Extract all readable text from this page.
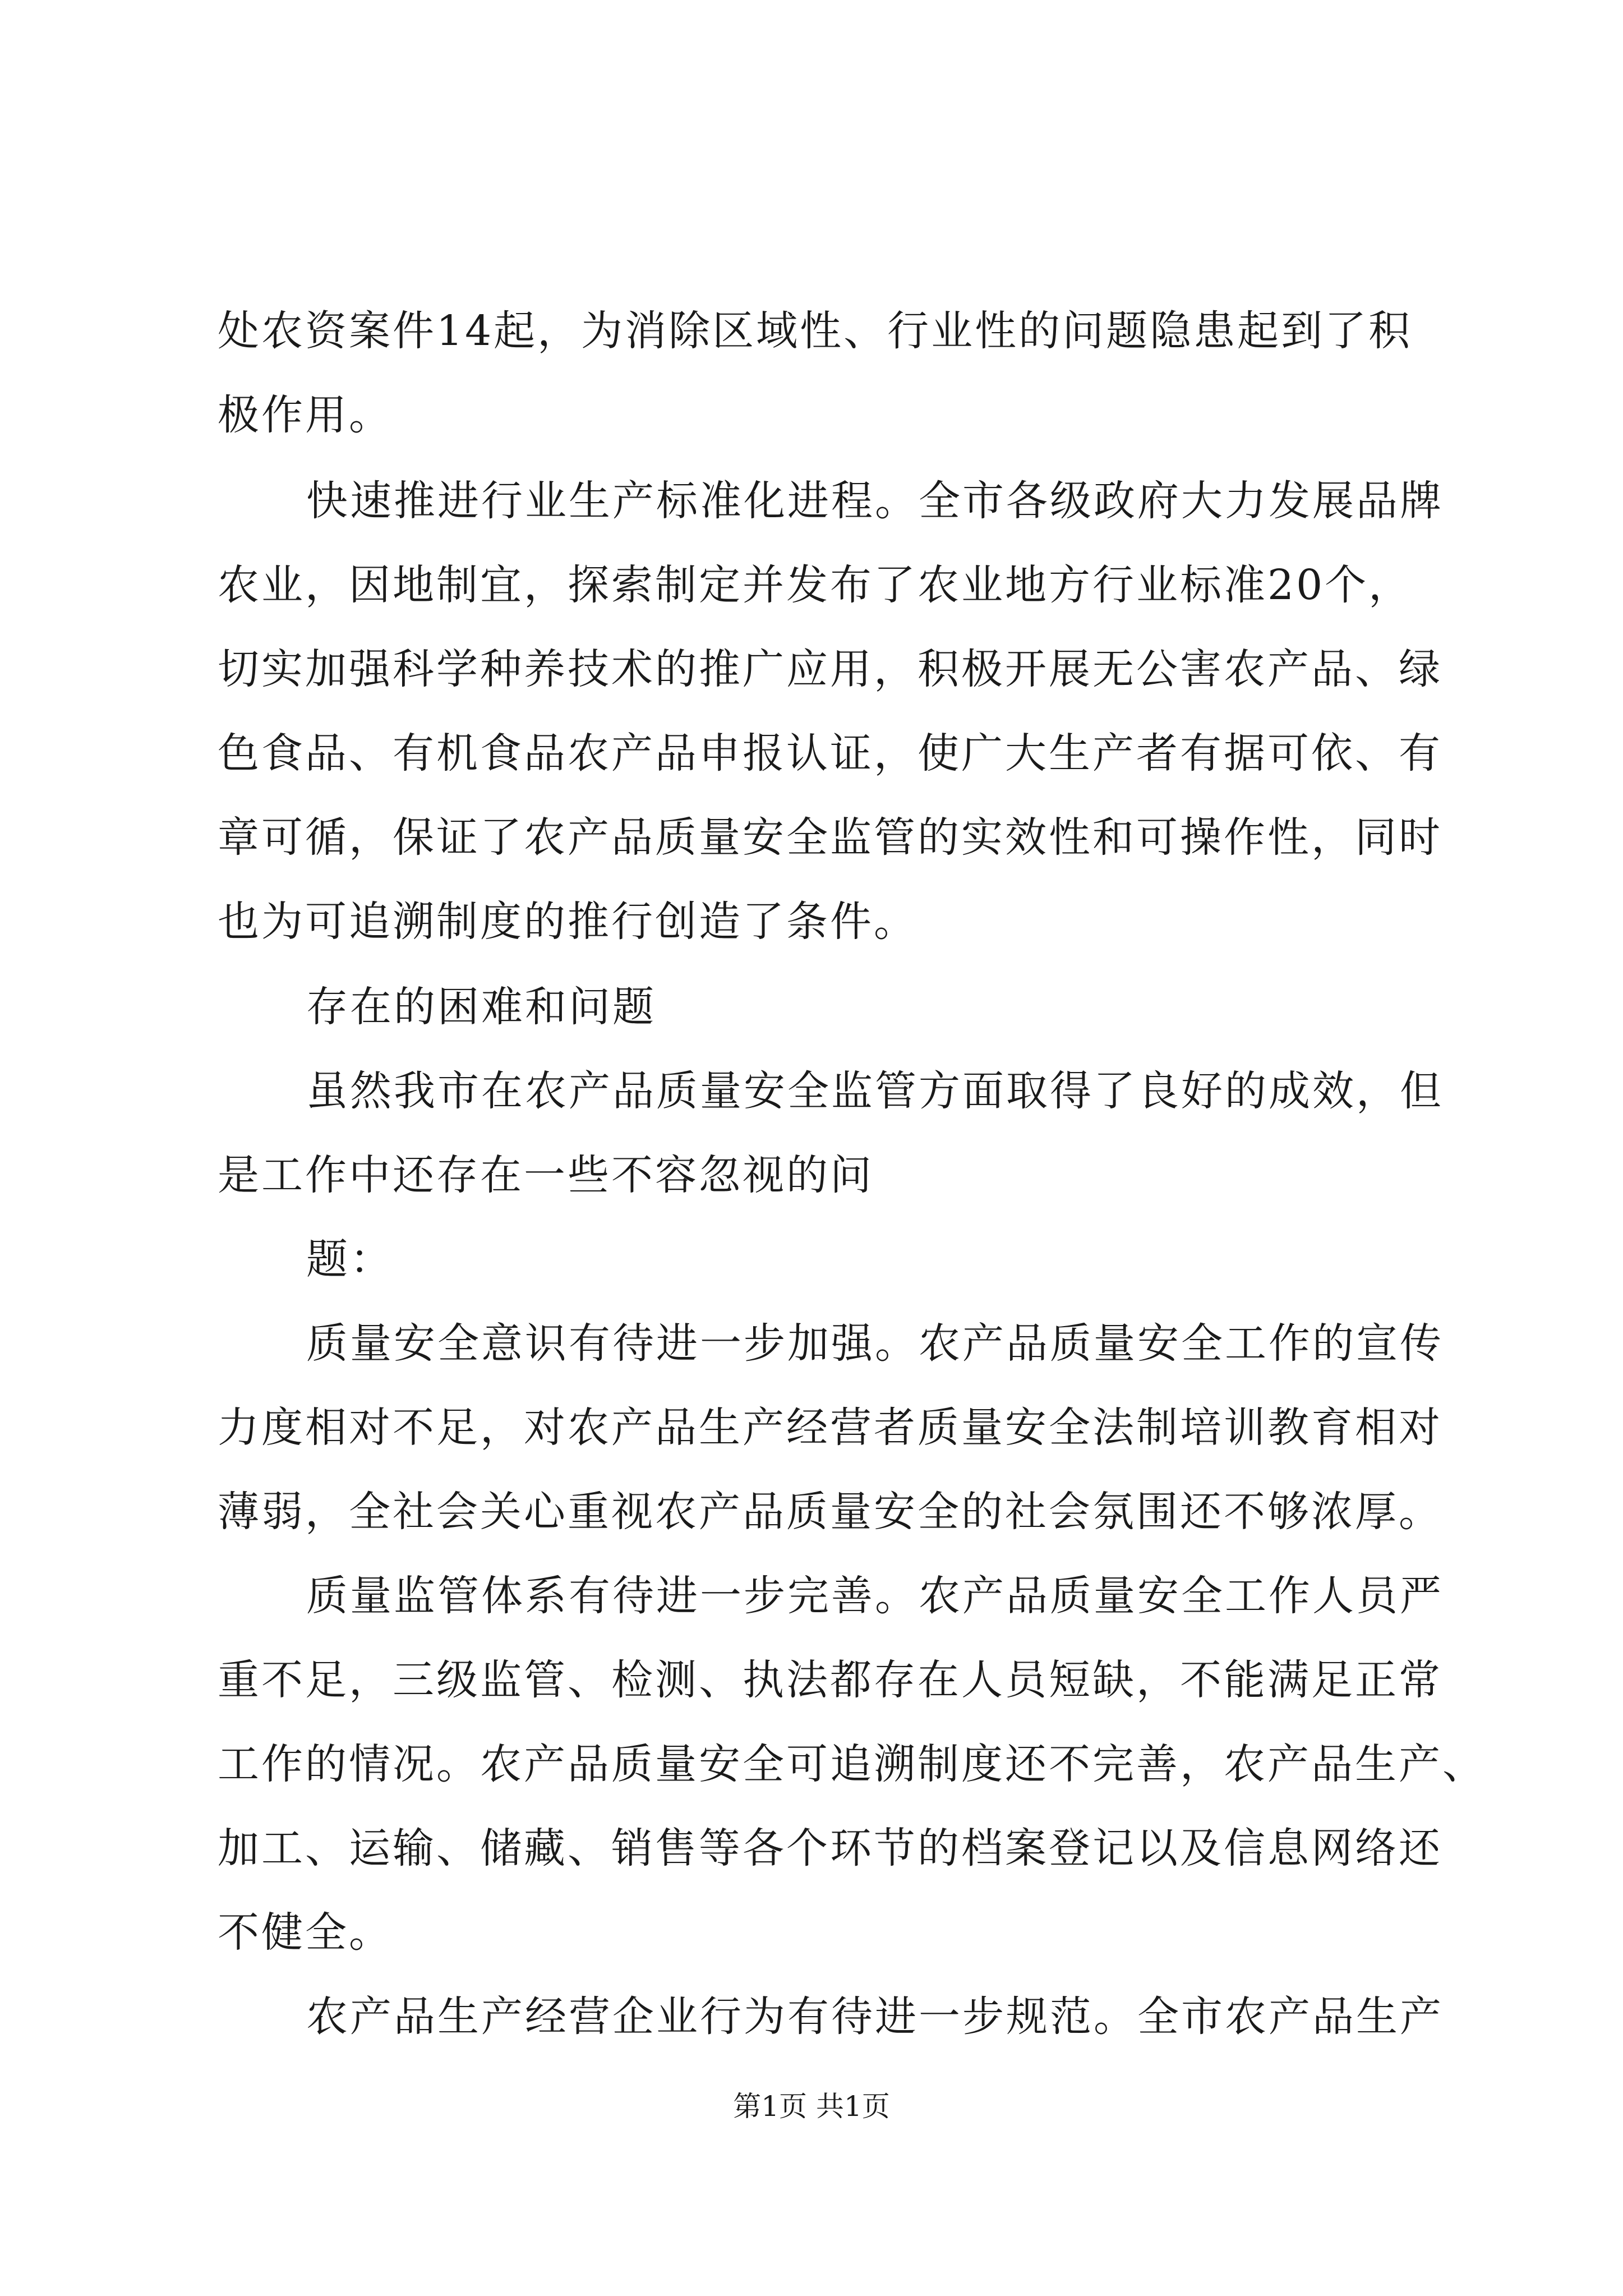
处农资案件14起，为消除区域性、行业性的问题隐患起到了积
极作用。
快速推进行业生产标准化进程。全市各级政府大力发展品牌
农业，因地制宜，探索制定并发布了农业地方行业标准20个，
切实加强科学种养技术的推广应用，积极开展无公害农产品、绿
色食品、有机食品农产品申报认证，使广大生产者有据可依、有
章可循，保证了农产品质量安全监管的实效性和可操作性，同时
也为可追溯制度的推行创造了条件。
存在的困难和问题
虽然我市在农产品质量安全监管方面取得了良好的成效，但
是工作中还存在一些不容忽视的问
题：
质量安全意识有待进一步加强。农产品质量安全工作的宣传
力度相对不足，对农产品生产经营者质量安全法制培训教育相对
薄弱，全社会关心重视农产品质量安全的社会氛围还不够浓厚。
质量监管体系有待进一步完善。农产品质量安全工作人员严
重不足，三级监管、检测、执法都存在人员短缺，不能满足正常
工作的情况。农产品质量安全可追溯制度还不完善，农产品生产、
加工、运输、储藏、销售等各个环节的档案登记以及信息网络还
不健全。
农产品生产经营企业行为有待进一步规范。全市农产品生产
第1页 共1页
